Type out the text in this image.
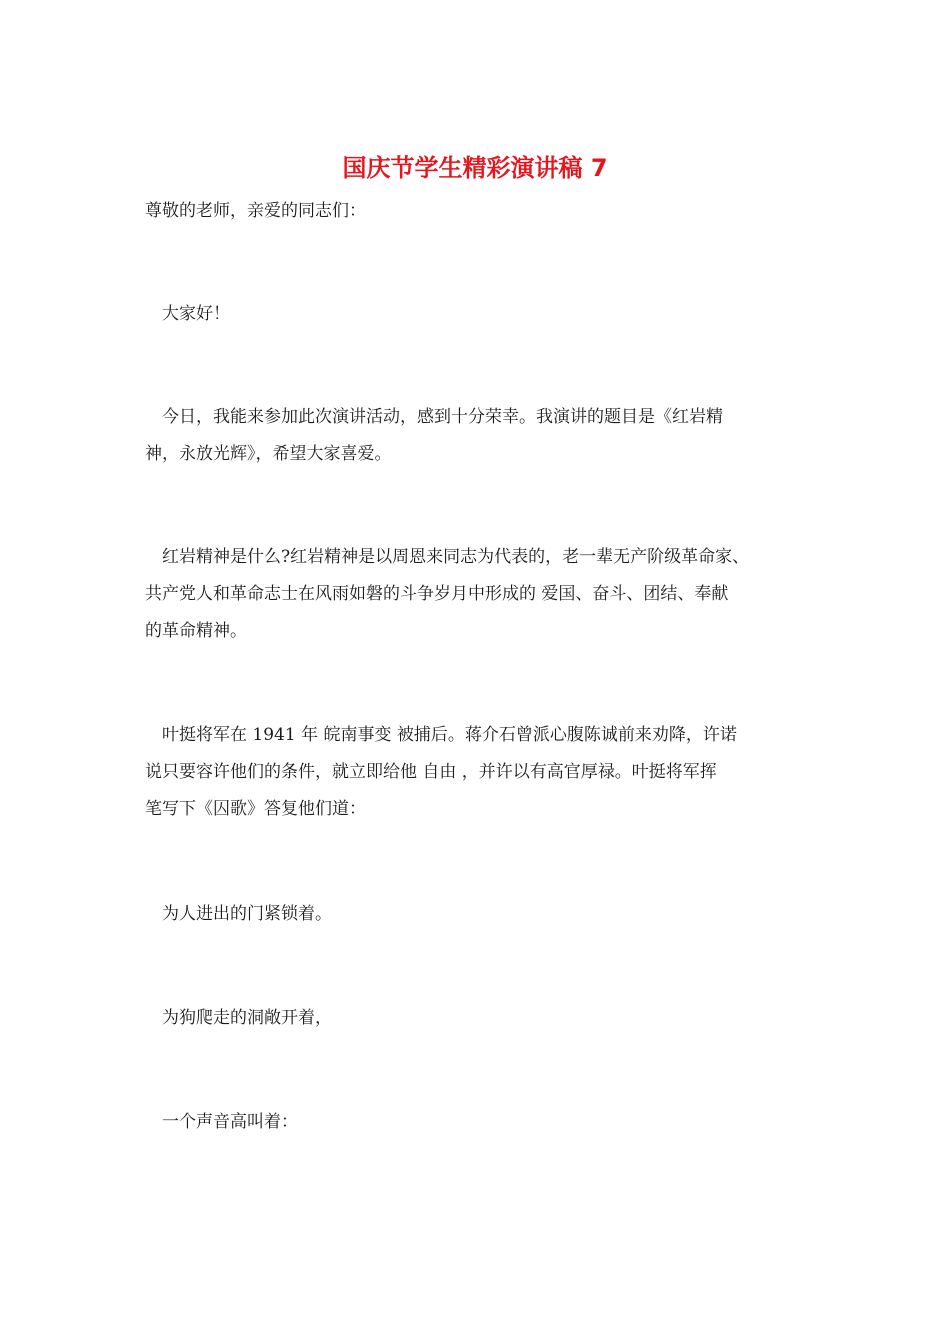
国庆节学生精彩演讲稿 7

尊敬的老师，亲爱的同志们：

　大家好！

　今日，我能来参加此次演讲活动，感到十分荣幸。我演讲的题目是《红岩精
神，永放光辉》，希望大家喜爱。
　红岩精神是什么?红岩精神是以周恩来同志为代表的，老一辈无产阶级革命家、
共产党人和革命志士在风雨如磐的斗争岁月中形成的 爱国、奋斗、团结、奉献
的革命精神。
　叶挺将军在 1941 年 皖南事变 被捕后。蒋介石曾派心腹陈诚前来劝降，许诺
说只要容许他们的条件，就立即给他 自由 ，并许以有高官厚禄。叶挺将军挥
笔写下《囚歌》答复他们道：

　为人进出的门紧锁着。

　为狗爬走的洞敞开着，

　一个声音高叫着：
